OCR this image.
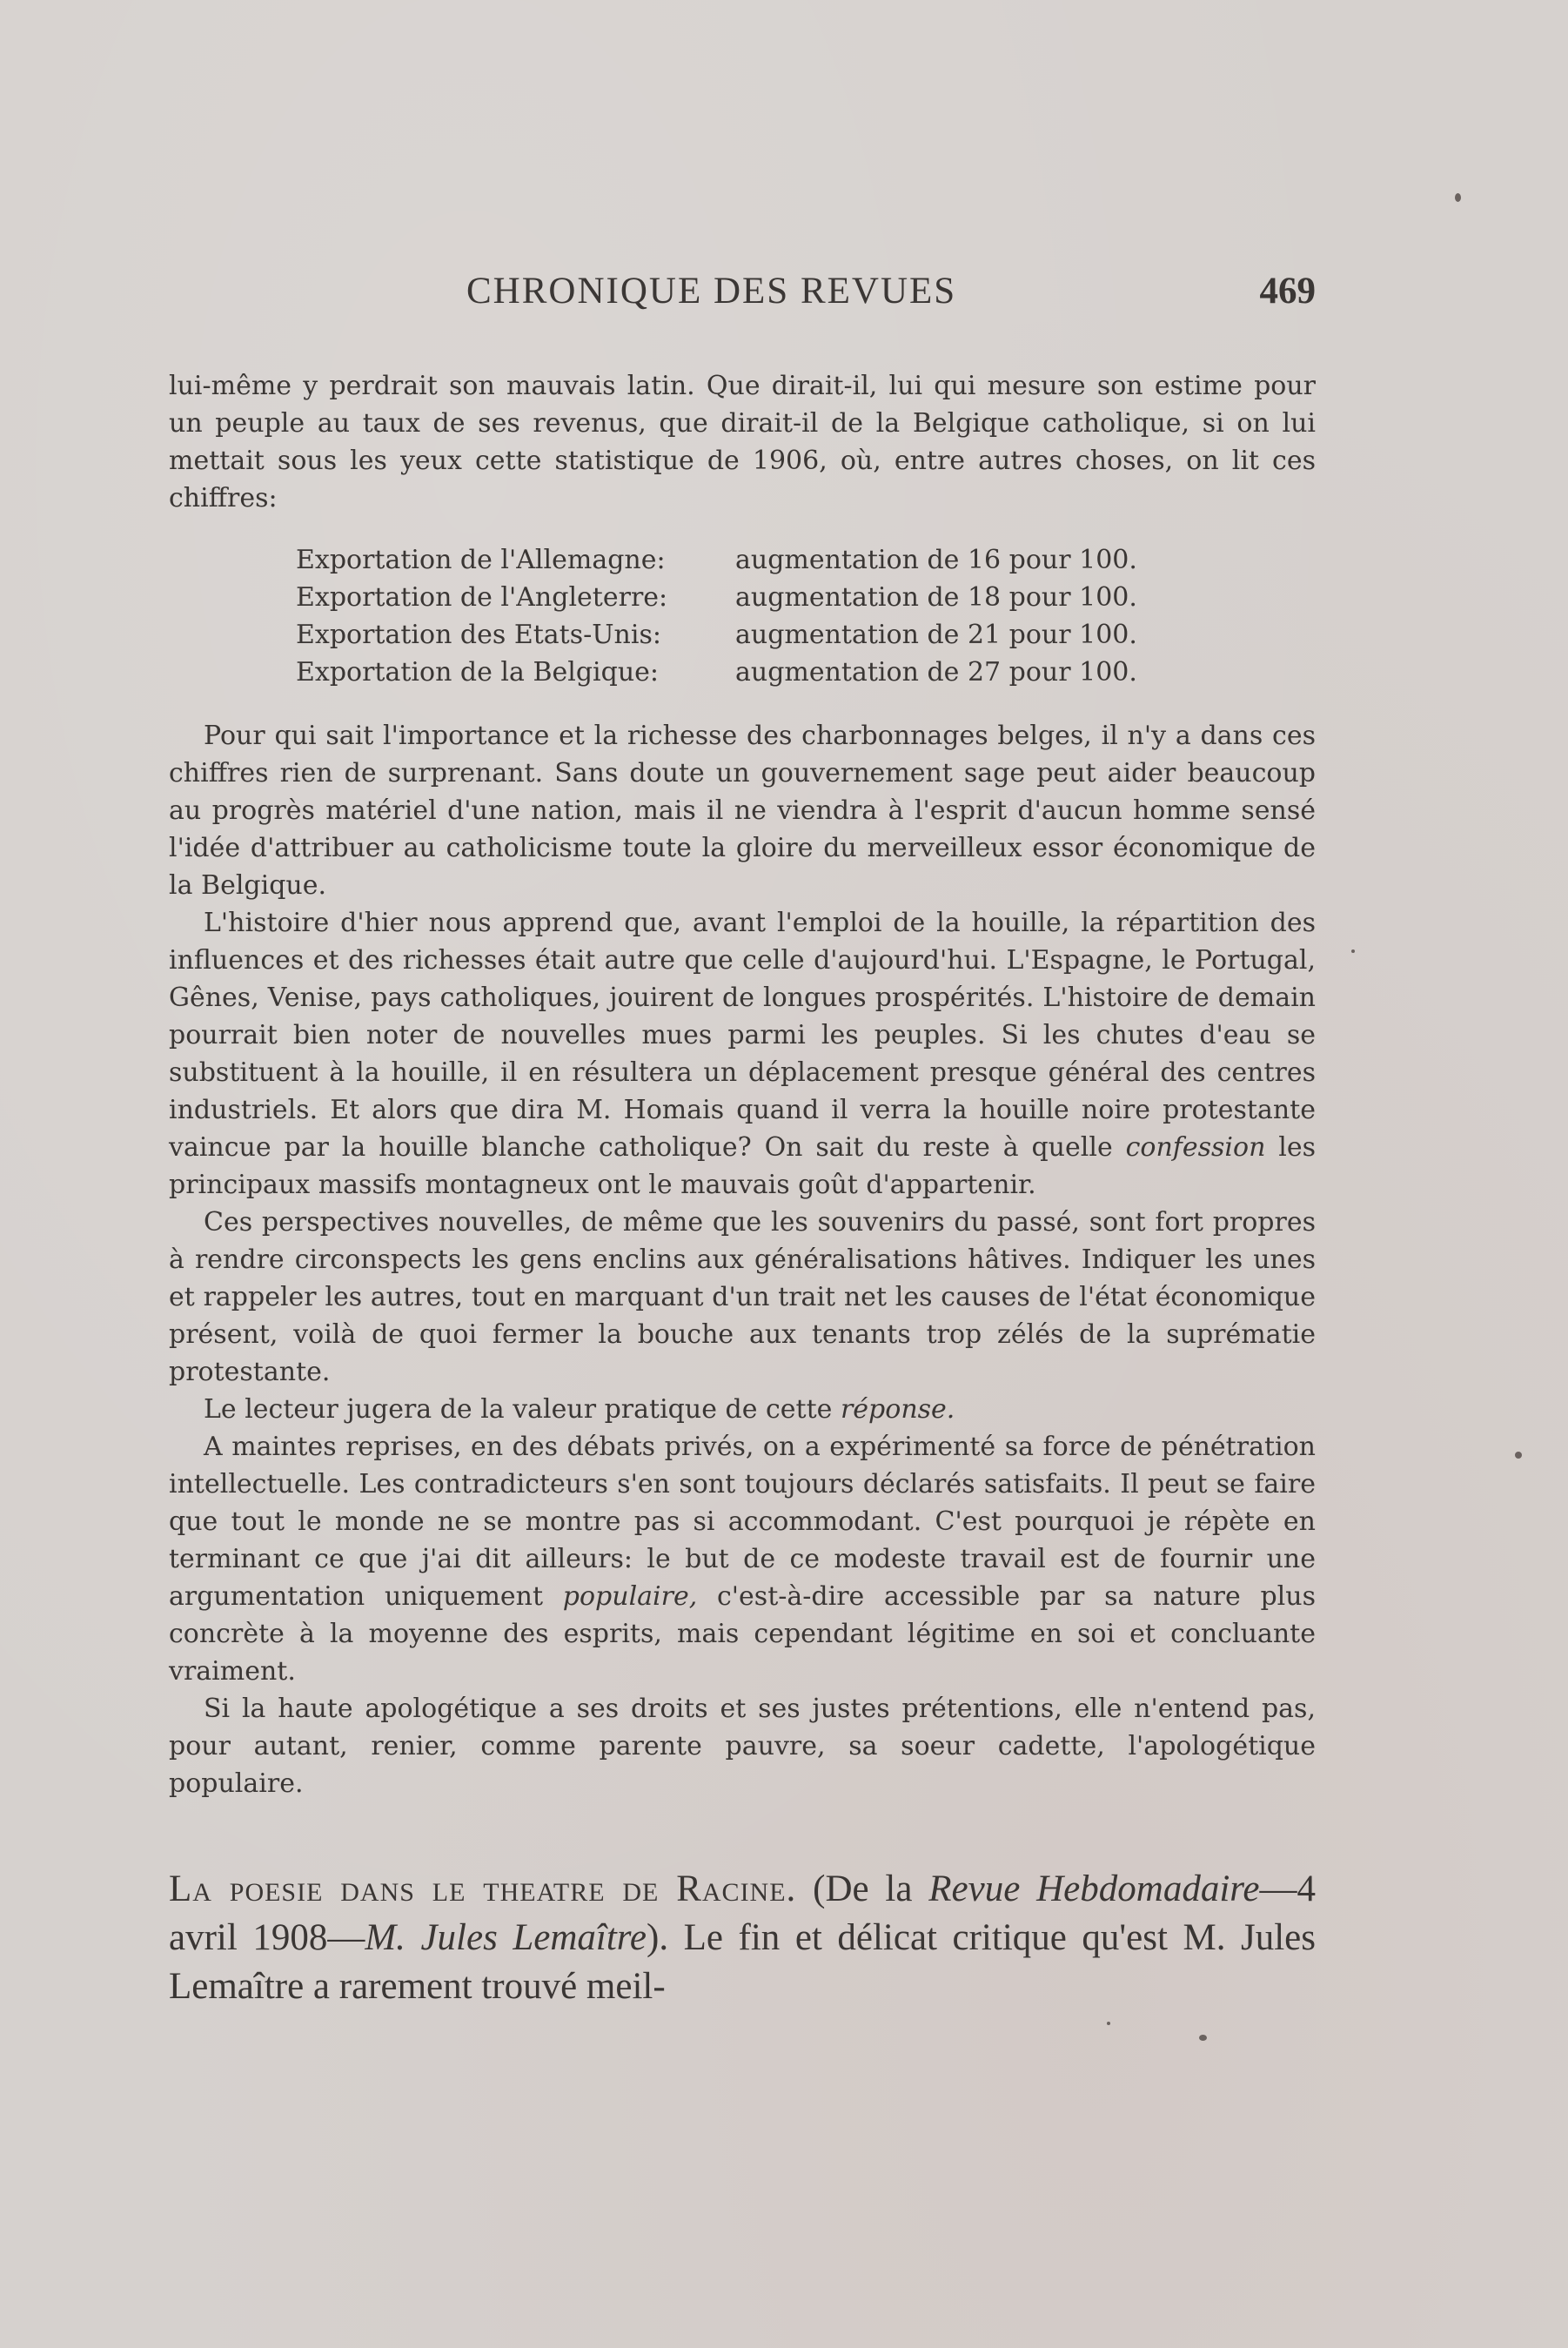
CHRONIQUE DES REVUES	469

lui-même y perdrait son mauvais latin. Que dirait-il, lui qui mesure son estime pour un peuple au taux de ses revenus, que dirait-il de la Belgique catholique, si on lui mettait sous les yeux cette statistique de 1906, où, entre autres choses, on lit ces chiffres:

Exportation de l'Allemagne:	augmentation de 16 pour 100.
Exportation de l'Angleterre:	augmentation de 18 pour 100.
Exportation des Etats-Unis:	augmentation de 21 pour 100.
Exportation de la Belgique:	augmentation de 27 pour 100.

Pour qui sait l'importance et la richesse des charbonnages belges, il n'y a dans ces chiffres rien de surprenant. Sans doute un gouvernement sage peut aider beaucoup au progrès matériel d'une nation, mais il ne viendra à l'esprit d'aucun homme sensé l'idée d'attribuer au catholicisme toute la gloire du merveilleux essor économique de la Belgique.

L'histoire d'hier nous apprend que, avant l'emploi de la houille, la répartition des influences et des richesses était autre que celle d'aujourd'hui. L'Espagne, le Portugal, Gênes, Venise, pays catholiques, jouirent de longues prospérités. L'histoire de demain pourrait bien noter de nouvelles mues parmi les peuples. Si les chutes d'eau se substituent à la houille, il en résultera un déplacement presque général des centres industriels. Et alors que dira M. Homais quand il verra la houille noire protestante vaincue par la houille blanche catholique? On sait du reste à quelle confession les principaux massifs montagneux ont le mauvais goût d'appartenir.

Ces perspectives nouvelles, de même que les souvenirs du passé, sont fort propres à rendre circonspects les gens enclins aux généralisations hâtives. Indiquer les unes et rappeler les autres, tout en marquant d'un trait net les causes de l'état économique présent, voilà de quoi fermer la bouche aux tenants trop zélés de la suprématie protestante.

Le lecteur jugera de la valeur pratique de cette réponse.

A maintes reprises, en des débats privés, on a expérimenté sa force de pénétration intellectuelle. Les contradicteurs s'en sont toujours déclarés satisfaits. Il peut se faire que tout le monde ne se montre pas si accommodant. C'est pourquoi je répète en terminant ce que j'ai dit ailleurs: le but de ce modeste travail est de fournir une argumentation uniquement populaire, c'est-à-dire accessible par sa nature plus concrète à la moyenne des esprits, mais cependant légitime en soi et concluante vraiment.

Si la haute apologétique a ses droits et ses justes prétentions, elle n'entend pas, pour autant, renier, comme parente pauvre, sa soeur cadette, l'apologétique populaire.

La poesie dans le theatre de Racine. (De la Revue Hebdomadaire—4 avril 1908—M. Jules Lemaître). Le fin et délicat critique qu'est M. Jules Lemaître a rarement trouvé meil-
